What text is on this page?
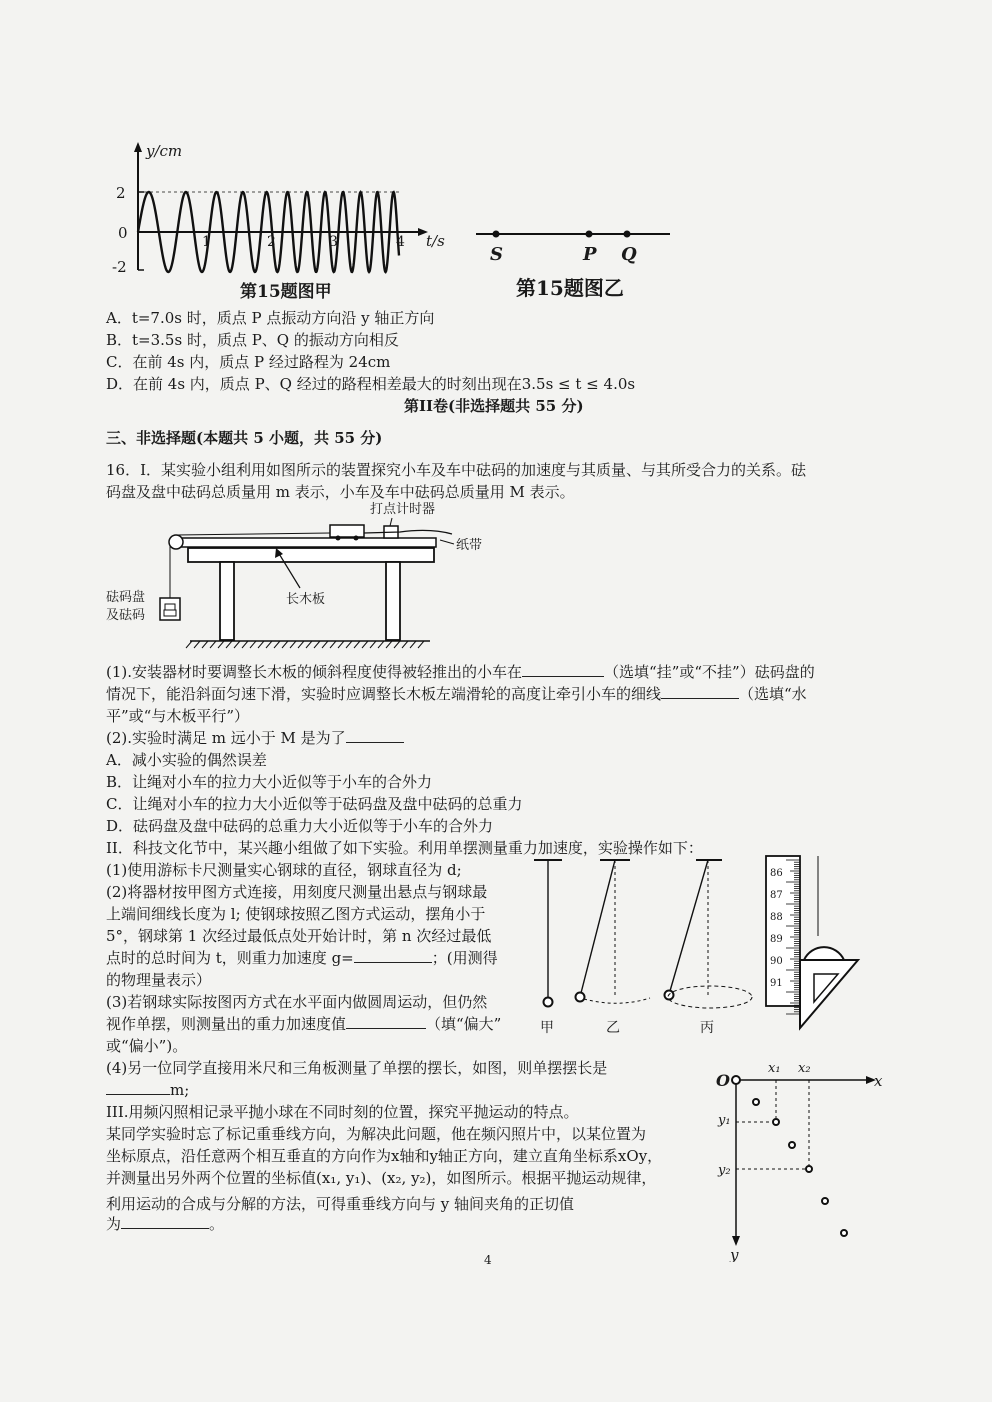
2
0
-2
1	2	3	4
y/cm
t/s
第15题图甲
S	P Q
第15题图乙
A．t=7.0s 时，质点 P 点振动方向沿 y 轴正方向
B．t=3.5s 时，质点 P、Q 的振动方向相反
C．在前 4s 内，质点 P 经过路程为 24cm
D．在前 4s 内，质点 P、Q 经过的路程相差最大的时刻出现在3.5s ≤ t ≤ 4.0s
第II卷(非选择题共 55 分)
三、非选择题(本题共 5 小题，共 55 分)
16．I．某实验小组利用如图所示的装置探究小车及车中砝码的加速度与其质量、与其所受合力的关系。砝
码盘及盘中砝码总质量用 m 表示，小车及车中砝码总质量用 M 表示。
打点计时器
纸带
长木板
砝码盘
及砝码
(1).安装器材时要调整长木板的倾斜程度使得被轻推出的小车在	（选填“挂”或“不挂”）砝码盘的
情况下，能沿斜面匀速下滑，实验时应调整长木板左端滑轮的高度让牵引小车的细线	（选填“水
平”或“与木板平行”）
(2).实验时满足 m 远小于 M 是为了
A．减小实验的偶然误差
B．让绳对小车的拉力大小近似等于小车的合外力
C．让绳对小车的拉力大小近似等于砝码盘及盘中砝码的总重力
D．砝码盘及盘中砝码的总重力大小近似等于小车的合外力
II．科技文化节中，某兴趣小组做了如下实验。利用单摆测量重力加速度，实验操作如下：
(1)使用游标卡尺测量实心钢球的直径，钢球直径为 d;
(2)将器材按甲图方式连接，用刻度尺测量出悬点与钢球最
上端间细线长度为 l; 使钢球按照乙图方式运动，摆角小于
5°，钢球第 1 次经过最低点处开始计时，第 n 次经过最低
点时的总时间为 t，则重力加速度 g=	；(用测得
的物理量表示）
(3)若钢球实际按图丙方式在水平面内做圆周运动，但仍然
视作单摆，则测量出的重力加速度值	（填“偏大”
或“偏小”)。
(4)另一位同学直接用米尺和三角板测量了单摆的摆长，如图，则单摆摆长是
m;
甲	乙	丙
86
87
88
89
90
91
III.用频闪照相记录平抛小球在不同时刻的位置，探究平抛运动的特点。
某同学实验时忘了标记重垂线方向，为解决此问题，他在频闪照片中，以某位置为
坐标原点，沿任意两个相互垂直的方向作为x轴和y轴正方向，建立直角坐标系xOy，
并测量出另外两个位置的坐标值(x₁, y₁)、(x₂, y₂)，如图所示。根据平抛运动规律，
利用运动的合成与分解的方法，可得重垂线方向与 y 轴间夹角的正切值
为	。
O	x
y
x₁ x₂
y₁
y₂
4
